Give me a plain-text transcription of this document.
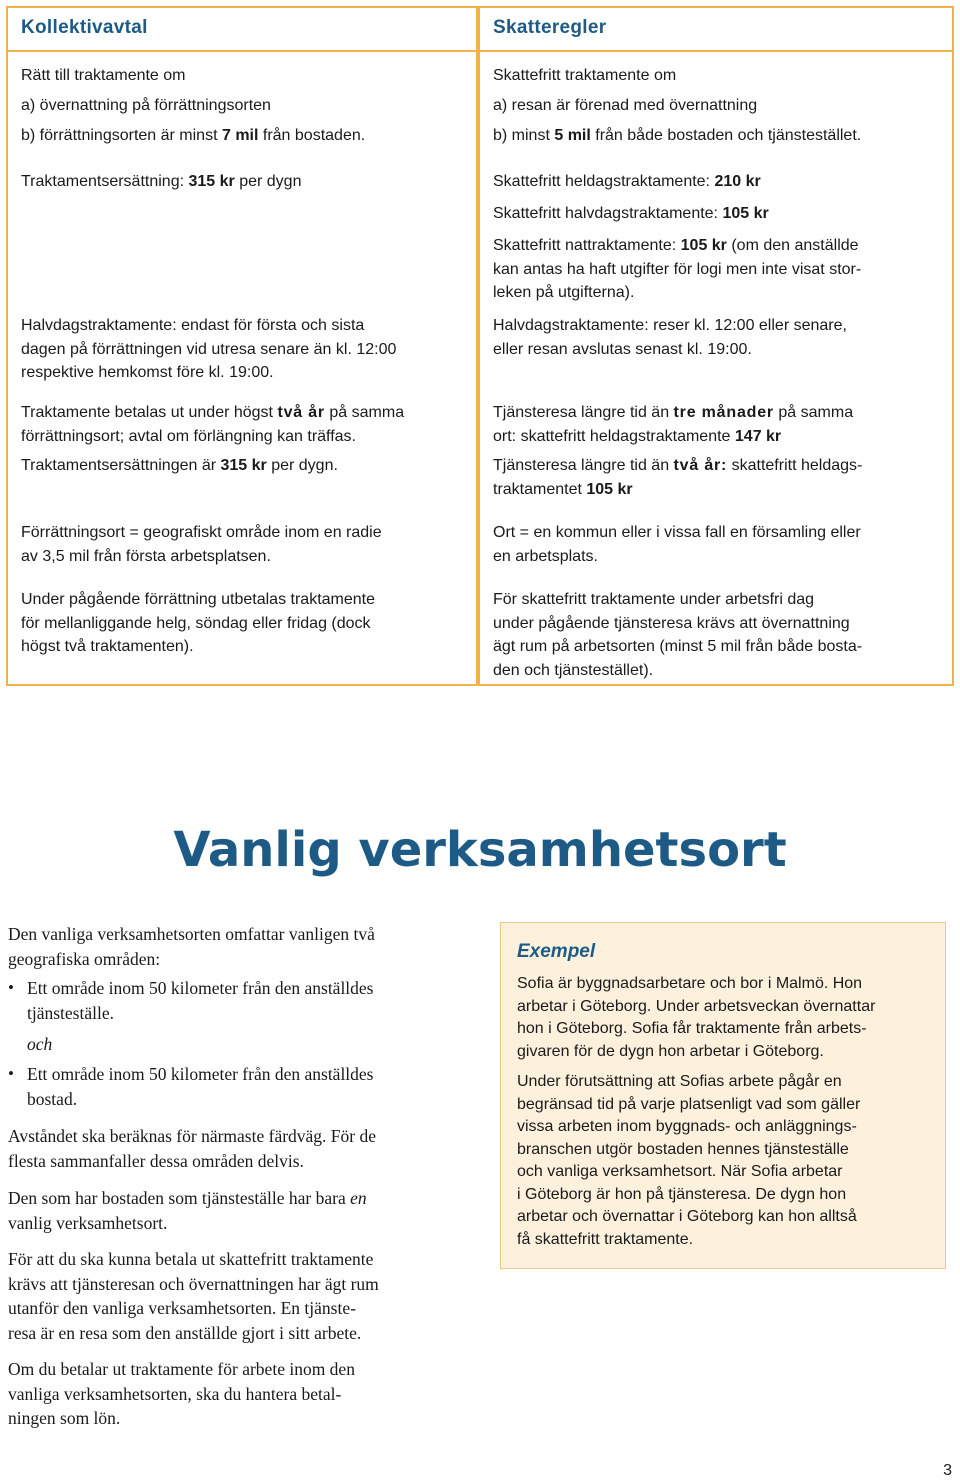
Kollektivavtal

Rätt till traktamente om

a) övernattning på förrättningsorten

b) förrättningsorten är minst 7 mil från bostaden.

Traktamentsersättning: 315 kr per dygn

Halvdagstraktamente: endast för första och sista
dagen på förrättningen vid utresa senare än kl. 12:00
respektive hemkomst före kl. 19:00.

Traktamente betalas ut under högst två år på samma
förrättningsort; avtal om förlängning kan träffas.

Traktamentsersättningen är 315 kr per dygn.

Förrättningsort = geografiskt område inom en radie
av 3,5 mil från första arbetsplatsen.

Under pågående förrättning utbetalas traktamente
för mellanliggande helg, söndag eller fridag (dock
högst två traktamenten).

Skatteregler

Skattefritt traktamente om

a) resan är förenad med övernattning

b) minst 5 mil från både bostaden och tjänstestället.

Skattefritt heldagstraktamente: 210 kr

Skattefritt halvdagstraktamente: 105 kr

Skattefritt nattraktamente: 105 kr (om den anställde
kan antas ha haft utgifter för logi men inte visat stor-
leken på utgifterna).

Halvdagstraktamente: reser kl. 12:00 eller senare,
eller resan avslutas senast kl. 19:00.

Tjänsteresa längre tid än tre månader på samma
ort: skattefritt heldagstraktamente 147 kr

Tjänsteresa längre tid än två år: skattefritt heldags-
traktamentet 105 kr

Ort = en kommun eller i vissa fall en församling eller
en arbetsplats.

För skattefritt traktamente under arbetsfri dag
under pågående tjänsteresa krävs att övernattning
ägt rum på arbetsorten (minst 5 mil från både bosta-
den och tjänstestället).

Vanlig verksamhetsort

Den vanliga verksamhetsorten omfattar vanligen två
geografiska områden:

• Ett område inom 50 kilometer från den anställdes
tjänsteställe.

och

• Ett område inom 50 kilometer från den anställdes
bostad.

Avståndet ska beräknas för närmaste färdväg. För de
flesta sammanfaller dessa områden delvis.

Den som har bostaden som tjänsteställe har bara en
vanlig verksamhetsort.

För att du ska kunna betala ut skattefritt traktamente
krävs att tjänsteresan och övernattningen har ägt rum
utanför den vanliga verksamhetsorten. En tjänste-
resa är en resa som den anställde gjort i sitt arbete.

Om du betalar ut traktamente för arbete inom den
vanliga verksamhetsorten, ska du hantera betal-
ningen som lön.

Exempel

Sofia är byggnadsarbetare och bor i Malmö. Hon
arbetar i Göteborg. Under arbetsveckan övernattar
hon i Göteborg. Sofia får traktamente från arbets-
givaren för de dygn hon arbetar i Göteborg.

Under förutsättning att Sofias arbete pågår en
begränsad tid på varje platsenligt vad som gäller
vissa arbeten inom byggnads- och anläggnings-
branschen utgör bostaden hennes tjänsteställe
och vanliga verksamhetsort. När Sofia arbetar
i Göteborg är hon på tjänsteresa. De dygn hon
arbetar och övernattar i Göteborg kan hon alltså
få skattefritt traktamente.

3
